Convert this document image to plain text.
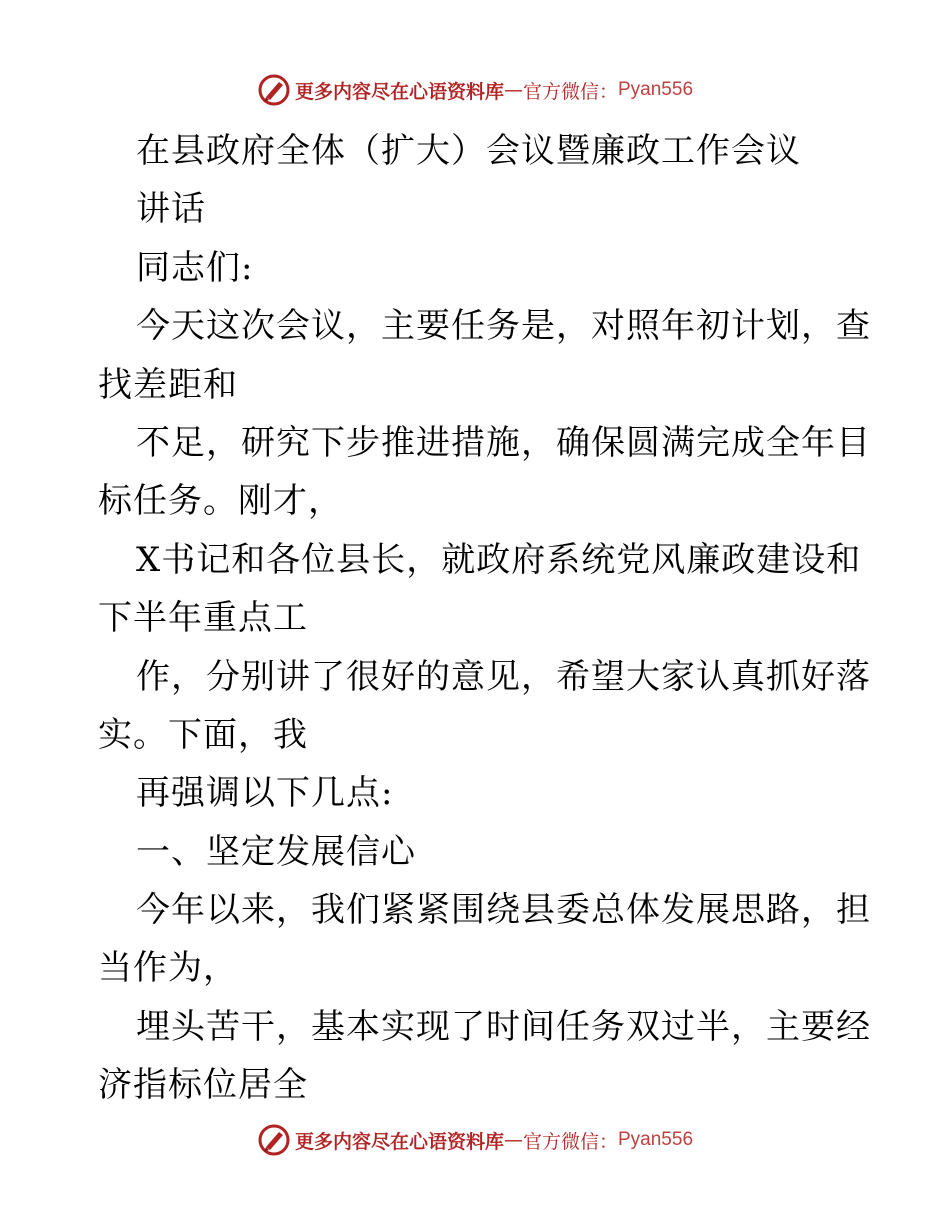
更多内容尽在心语资料库 — 官方微信： Pyan556
在县政府全体（扩大）会议暨廉政工作会议
讲话
同志们:
今天这次会议，主要任务是，对照年初计划，查
找差距和
不足，研究下步推进措施，确保圆满完成全年目
标任务。刚才，
X书记和各位县长，就政府系统党风廉政建设和
下半年重点工
作，分别讲了很好的意见，希望大家认真抓好落
实。下面，我
再强调以下几点:
一、坚定发展信心
今年以来，我们紧紧围绕县委总体发展思路，担
当作为，
埋头苦干，基本实现了时间任务双过半，主要经
济指标位居全
更多内容尽在心语资料库 — 官方微信： Pyan556
